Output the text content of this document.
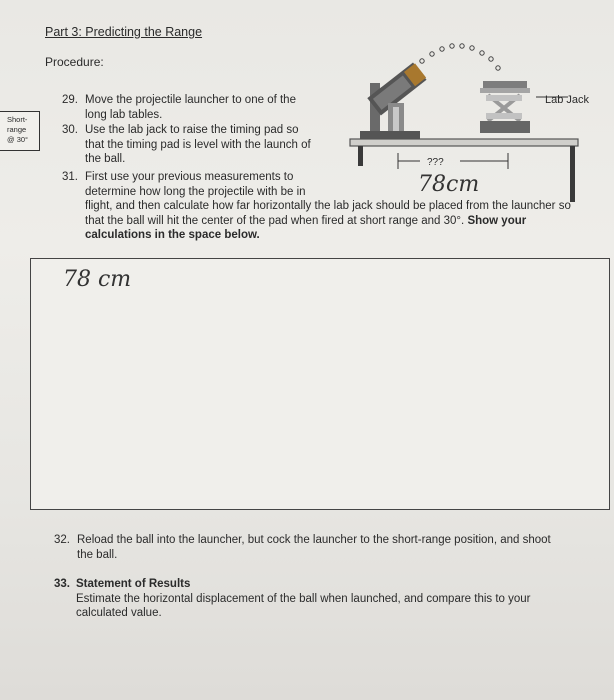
Part 3: Predicting the Range
Procedure:
Short-
range
@ 30°
Lab Jack
???
78cm
29. Move the projectile launcher to one of the
long lab tables.
30. Use the lab jack to raise the timing pad so
that the timing pad is level with the launch of
the ball.
31. First use your previous measurements to
determine how long the projectile with be in
flight, and then calculate how far horizontally the lab jack should be placed from the launcher so
that the ball will hit the center of the pad when fired at short range and 30°. Show your
calculations in the space below.
78 cm
32. Reload the ball into the launcher, but cock the launcher to the short-range position, and shoot
the ball.
33. Statement of Results
Estimate the horizontal displacement of the ball when launched, and compare this to your
calculated value.
